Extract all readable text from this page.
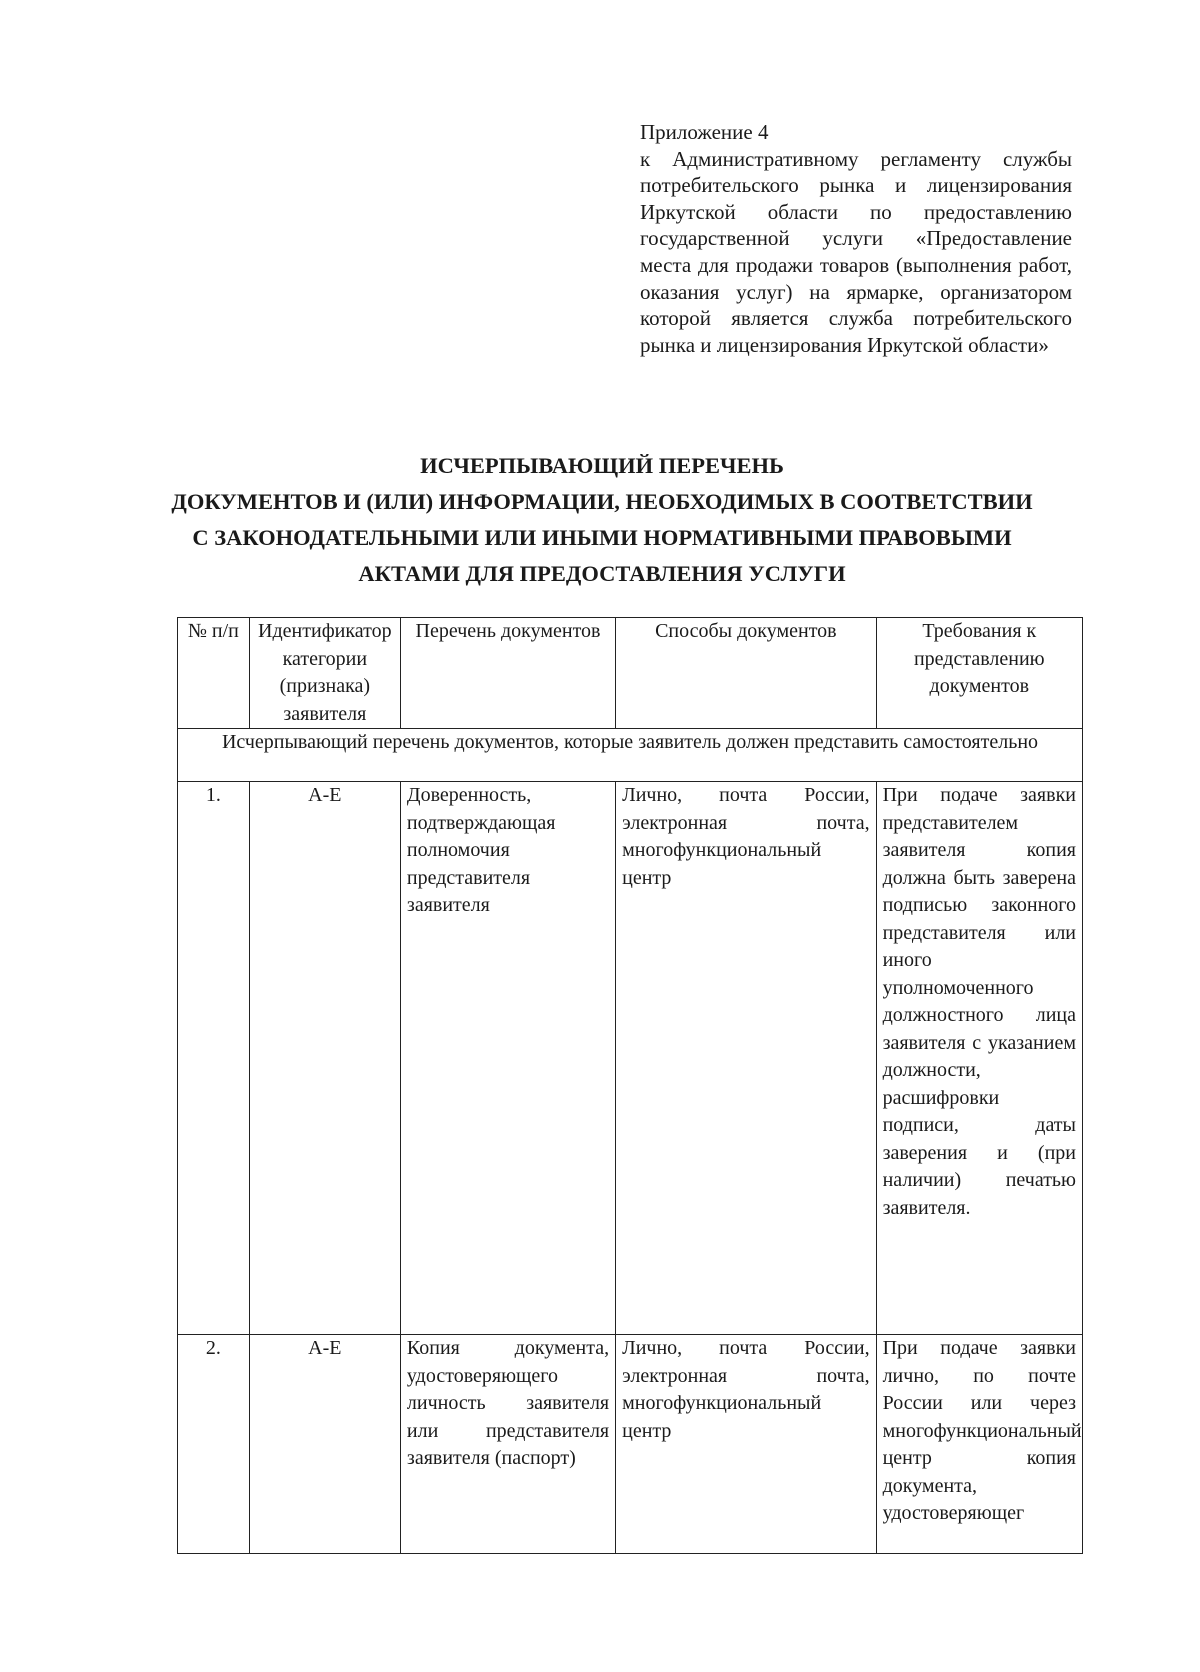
Приложение 4
к Административному регламенту службы потребительского рынка и лицензирования Иркутской области по предоставлению государственной услуги «Предоставление места для продажи товаров (выполнения работ, оказания услуг) на ярмарке, организатором которой является служба потребительского рынка и лицензирования Иркутской области»
ИСЧЕРПЫВАЮЩИЙ ПЕРЕЧЕНЬ
ДОКУМЕНТОВ И (ИЛИ) ИНФОРМАЦИИ, НЕОБХОДИМЫХ В СООТВЕТСТВИИ
С ЗАКОНОДАТЕЛЬНЫМИ ИЛИ ИНЫМИ НОРМАТИВНЫМИ ПРАВОВЫМИ
АКТАМИ ДЛЯ ПРЕДОСТАВЛЕНИЯ УСЛУГИ
№ п/п	Идентификатор категории (признака) заявителя	Перечень документов	Способы документов	Требования к представлению документов
Исчерпывающий перечень документов, которые заявитель должен представить самостоятельно				
1.	А-Е	Доверенность, подтверждающая полномочия представителя заявителя	Лично, почта России, электронная почта, многофункциональный центр	При подаче заявки представителем заявителя копия должна быть заверена подписью законного представителя или иного уполномоченного должностного лица заявителя с указанием должности, расшифровки подписи, даты заверения и (при наличии) печатью заявителя.
2.	А-Е	Копия документа, удостоверяющего личность заявителя или представителя заявителя (паспорт)	Лично, почта России, электронная почта, многофункциональный центр	При подаче заявки лично, по почте России или через многофункциональный центр копия документа, удостоверяющег
